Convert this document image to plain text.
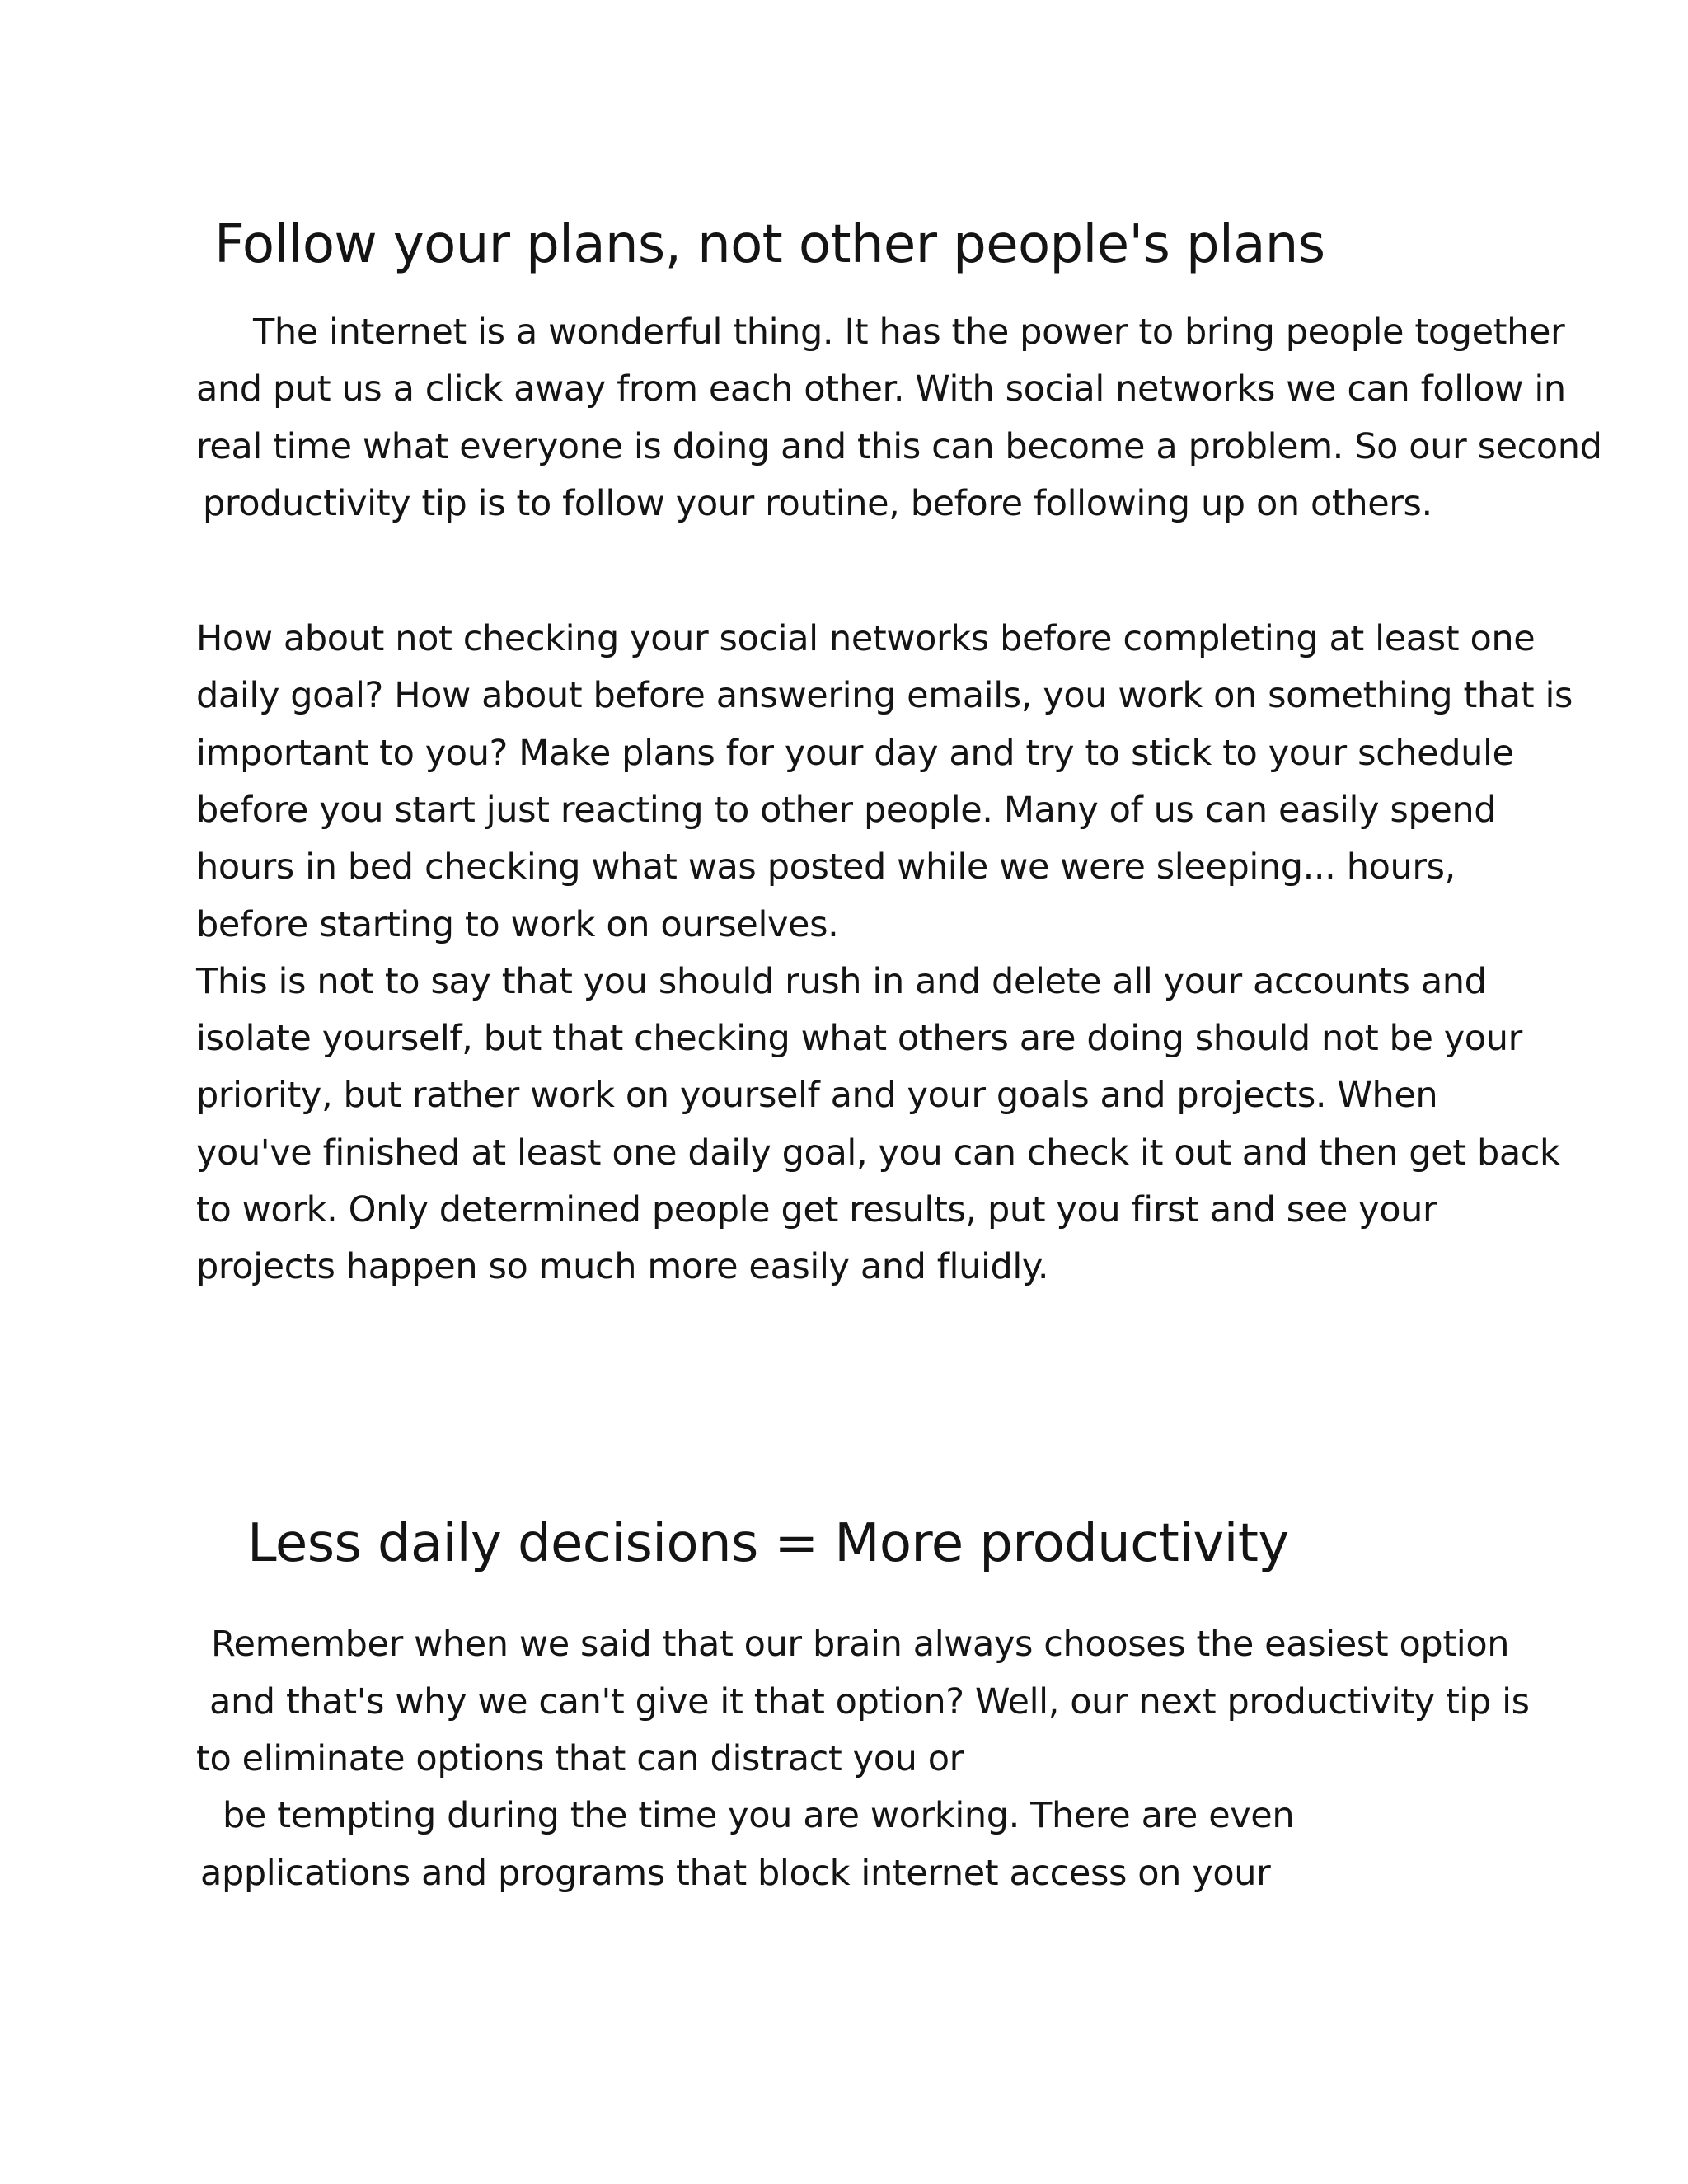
Follow your plans, not other people's plans

The internet is a wonderful thing. It has the power to bring people together

and put us a click away from each other. With social networks we can follow in

real time what everyone is doing and this can become a problem. So our second

productivity tip is to follow your routine, before following up on others.

How about not checking your social networks before completing at least one

daily goal? How about before answering emails, you work on something that is

important to you? Make plans for your day and try to stick to your schedule

before you start just reacting to other people. Many of us can easily spend

hours in bed checking what was posted while we were sleeping... hours,

before starting to work on ourselves.

This is not to say that you should rush in and delete all your accounts and

isolate yourself, but that checking what others are doing should not be your

priority, but rather work on yourself and your goals and projects. When

you've finished at least one daily goal, you can check it out and then get back

to work. Only determined people get results, put you first and see your

projects happen so much more easily and fluidly.

Less daily decisions = More productivity

Remember when we said that our brain always chooses the easiest option

and that's why we can't give it that option? Well, our next productivity tip is

to eliminate options that can distract you or

be tempting during the time you are working. There are even

applications and programs that block internet access on your
